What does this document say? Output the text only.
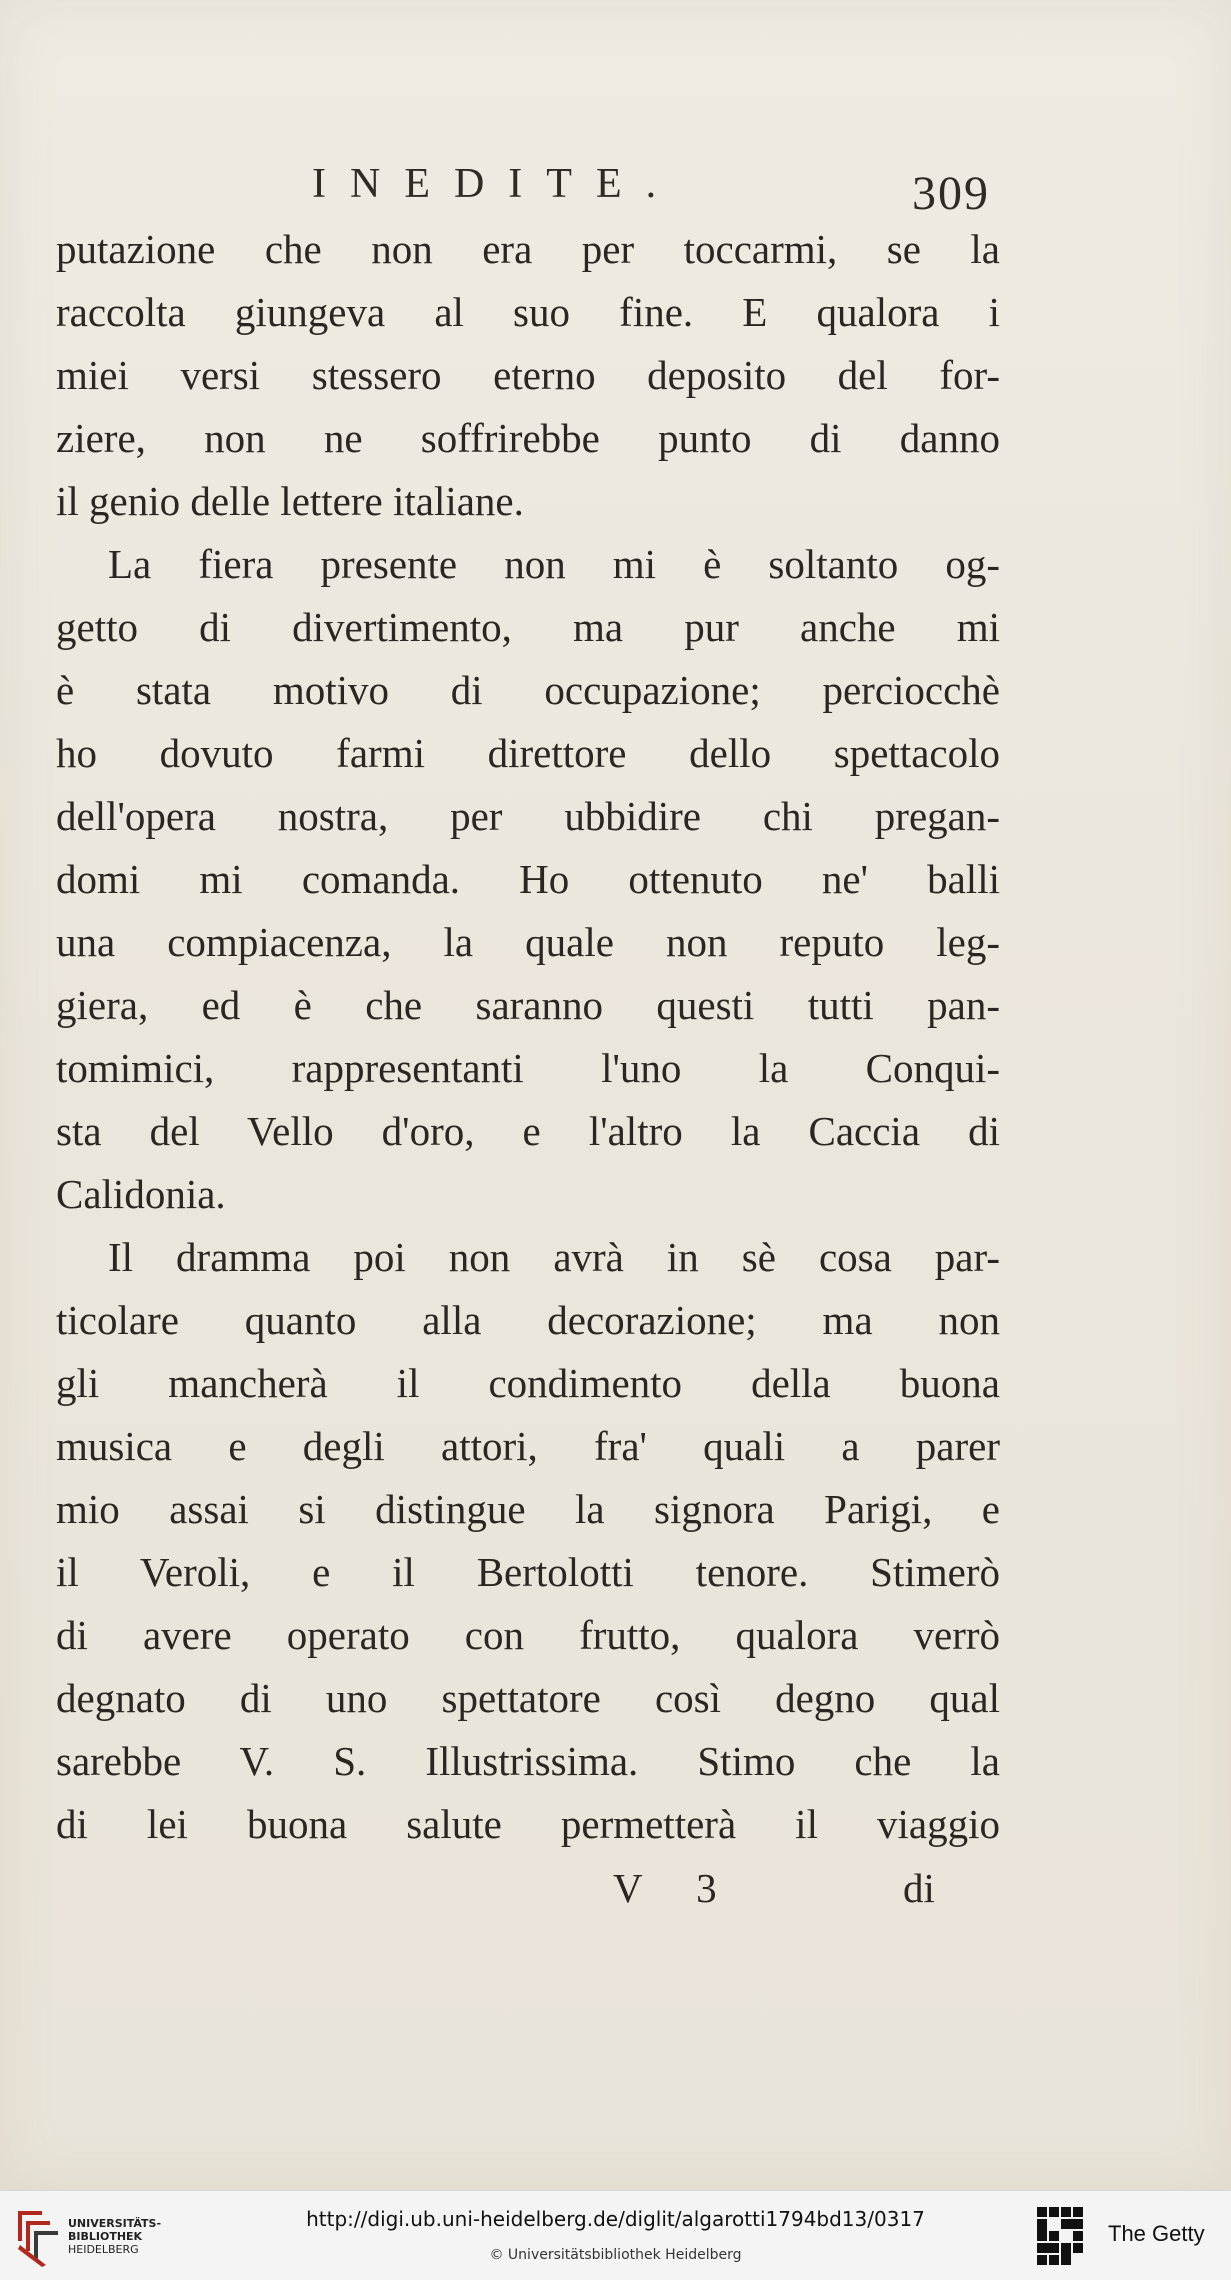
INEDITE.	309
putazione che non era per toccarmi, se la
raccolta giungeva al suo fine. E qualora i
miei versi stessero eterno deposito del for-
ziere, non ne soffrirebbe punto di danno
il genio delle lettere italiane.
La fiera presente non mi è soltanto og-
getto di divertimento, ma pur anche mi
è stata motivo di occupazione; perciocchè
ho dovuto farmi direttore dello spettacolo
dell'opera nostra, per ubbidire chi pregan-
domi mi comanda. Ho ottenuto ne' balli
una compiacenza, la quale non reputo leg-
giera, ed è che saranno questi tutti pan-
tomimici, rappresentanti l'uno la Conqui-
sta del Vello d'oro, e l'altro la Caccia di
Calidonia.
Il dramma poi non avrà in sè cosa par-
ticolare quanto alla decorazione; ma non
gli mancherà il condimento della buona
musica e degli attori, fra' quali a parer
mio assai si distingue la signora Parigi, e
il Veroli, e il Bertolotti tenore. Stimerò
di avere operato con frutto, qualora verrò
degnato di uno spettatore così degno qual
sarebbe V. S. Illustrissima. Stimo che la
di lei buona salute permetterà il viaggio
V 3	di
UNIVERSITÄTS-
BIBLIOTHEK
HEIDELBERG
http://digi.ub.uni-heidelberg.de/diglit/algarotti1794bd13/0317
© Universitätsbibliothek Heidelberg
The Getty
